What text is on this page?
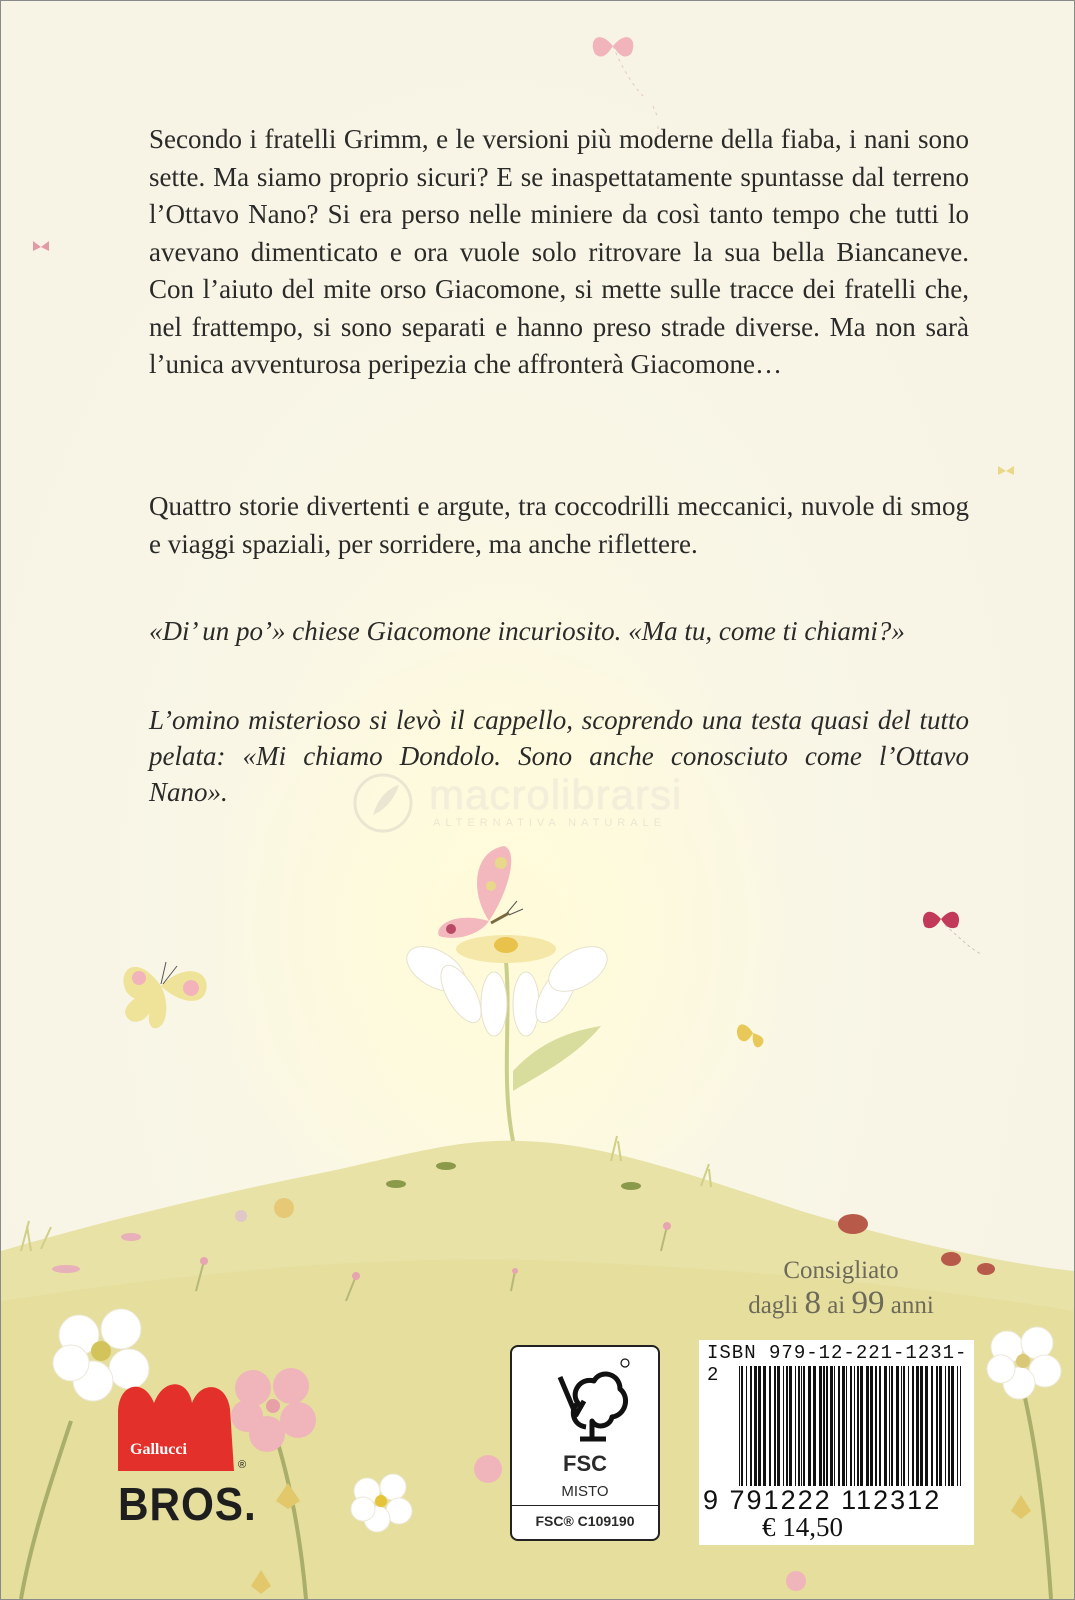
Secondo i fratelli Grimm, e le versioni più moderne della fiaba, i nani sono sette. Ma siamo proprio sicuri? E se inaspettatamente spuntasse dal terreno l’Ottavo Nano? Si era perso nelle miniere da così tanto tempo che tutti lo avevano dimenticato e ora vuole solo ritrovare la sua bella Biancaneve. Con l’aiuto del mite orso Giacomone, si mette sulle tracce dei fratelli che, nel frattempo, si sono separati e hanno preso strade diverse. Ma non sarà l’unica avventurosa peripezia che affronterà Giacomone…

Quattro storie divertenti e argute, tra coccodrilli meccanici, nuvole di smog e viaggi spaziali, per sorridere, ma anche riflettere.

«Di’ un po’» chiese Giacomone incuriosito. «Ma tu, come ti chiami?»

L’omino misterioso si levò il cappello, scoprendo una testa quasi del tutto pelata: «Mi chiamo Dondolo. Sono anche conosciuto come l’Ottavo Nano».	macrolibrarsi
ALTERNATIVA NATURALE
Consigliato
dagli 8 ai 99 anni
FSC
MISTO
FSC® C109190
ISBN 979-12-221-1231-2
9 791222 112312
€ 14,50
Gallucci
®
BROS.
